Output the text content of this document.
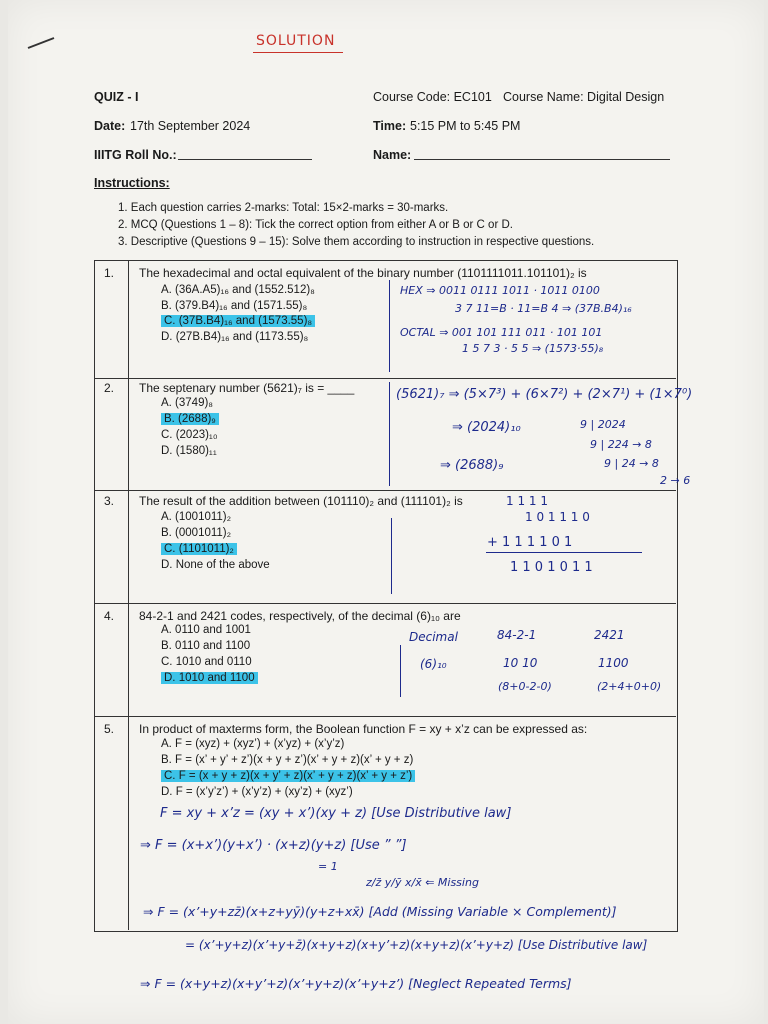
SOLUTION
QUIZ - I	Course Code: EC101 Course Name: Digital Design
Date: 17th September 2024	Time: 5:15 PM to 5:45 PM
IIITG Roll No.:	Name:
Instructions:
1. Each question carries 2-marks: Total: 15×2-marks = 30-marks.
2. MCQ (Questions 1 – 8): Tick the correct option from either A or B or C or D.
3. Descriptive (Questions 9 – 15): Solve them according to instruction in respective questions.
1. The hexadecimal and octal equivalent of the binary number (1101111011.101101)₂ is
A. (36A.A5)₁₆ and (1552.512)₈
B. (379.B4)₁₆ and (1571.55)₈
C. (37B.B4)₁₆ and (1573.55)₈
D. (27B.B4)₁₆ and (1173.55)₈
HEX ⇒ 0011 0111 1011 · 1011 0100
3 7 11=B · 11=B 4 ⇒ (37B.B4)₁₆
OCTAL ⇒ 001 101 111 011 · 101 101
1 5 7 3 · 5 5 ⇒ (1573·55)₈
2. The septenary number (5621)₇ is = ____
A. (3749)₈
B. (2688)₉
C. (2023)₁₀
D. (1580)₁₁
(5621)₇ ⇒ (5×7³) + (6×7²) + (2×7¹) + (1×7⁰)
⇒ (2024)₁₀
⇒ (2688)₉
9 | 2024
9 | 224 → 8
9 | 24 → 8
2 → 6
3. The result of the addition between (101110)₂ and (111101)₂ is
A. (1001011)₂
B. (0001011)₂
C. (1101011)₂
D. None of the above
1 1 1 1
1 0 1 1 1 0
+ 1 1 1 1 0 1
1 1 0 1 0 1 1
4. 84-2-1 and 2421 codes, respectively, of the decimal (6)₁₀ are
A. 0110 and 1001
B. 0110 and 1100
C. 1010 and 0110
D. 1010 and 1100
Decimal	84-2-1	2421
(6)₁₀	10 10	1100
(8+0-2-0)	(2+4+0+0)
5. In product of maxterms form, the Boolean function F = xy + x’z can be expressed as:
A. F = (xyz) + (xyz’) + (x’yz) + (x’y’z)
B. F = (x’ + y’ + z’)(x + y + z’)(x’ + y + z)(x’ + y + z)
C. F = (x + y + z)(x + y’ + z)(x’ + y + z)(x’ + y + z’)
D. F = (x’y’z’) + (x’y’z) + (xy’z) + (xyz’)
F = xy + x’z = (xy + x’)(xy + z) [Use Distributive law]
⇒ F = (x+x’)(y+x’) · (x+z)(y+z) [Use ” ”]
= 1
z/z̄ y/ȳ x/x̄ ⇐ Missing
⇒ F = (x’+y+zz̄)(x+z+yȳ)(y+z+xx̄) [Add (Missing Variable × Complement)]
= (x’+y+z)(x’+y+z̄)(x+y+z)(x+y’+z)(x+y+z)(x’+y+z) [Use Distributive law]
⇒ F = (x+y+z)(x+y’+z)(x’+y+z)(x’+y+z’) [Neglect Repeated Terms]
